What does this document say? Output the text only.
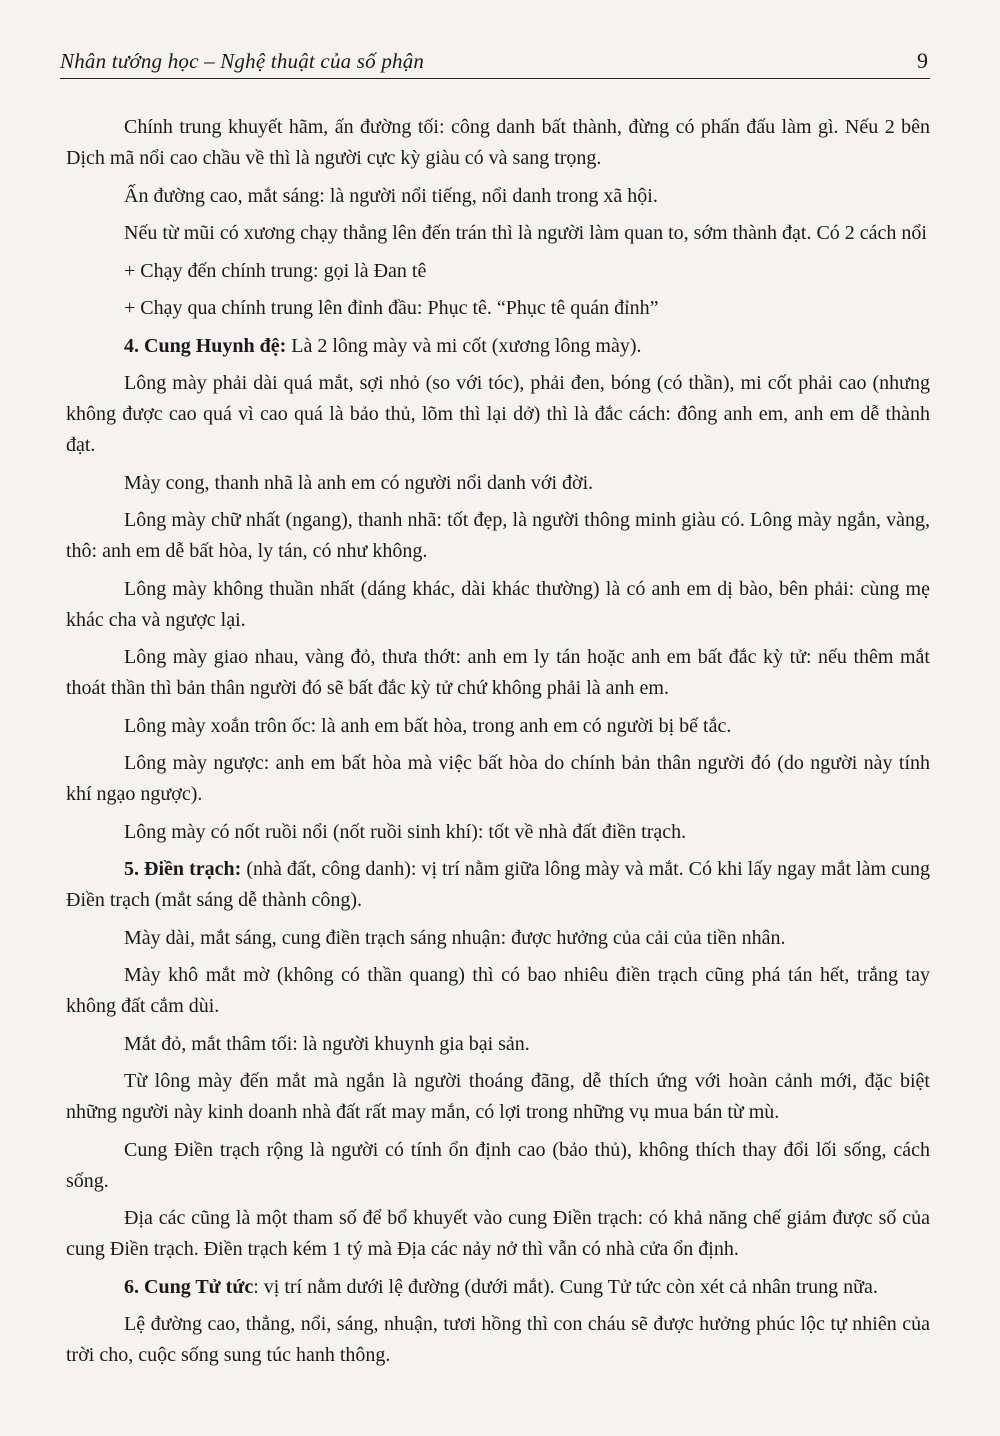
Nhân tướng học – Nghệ thuật của số phận	9

Chính trung khuyết hãm, ấn đường tối: công danh bất thành, đừng có phấn đấu làm gì. Nếu 2 bên Dịch mã nổi cao chầu về thì là người cực kỳ giàu có và sang trọng.

Ấn đường cao, mắt sáng: là người nổi tiếng, nổi danh trong xã hội.

Nếu từ mũi có xương chạy thẳng lên đến trán thì là người làm quan to, sớm thành đạt. Có 2 cách nổi

+ Chạy đến chính trung: gọi là Đan tê

+ Chạy qua chính trung lên đỉnh đầu: Phục tê. “Phục tê quán đỉnh”

4. Cung Huynh đệ: Là 2 lông mày và mi cốt (xương lông mày).

Lông mày phải dài quá mắt, sợi nhỏ (so với tóc), phải đen, bóng (có thần), mi cốt phải cao (nhưng không được cao quá vì cao quá là bảo thủ, lõm thì lại dở) thì là đắc cách: đông anh em, anh em dễ thành đạt.

Mày cong, thanh nhã là anh em có người nổi danh với đời.

Lông mày chữ nhất (ngang), thanh nhã: tốt đẹp, là người thông minh giàu có. Lông mày ngắn, vàng, thô: anh em dễ bất hòa, ly tán, có như không.

Lông mày không thuần nhất (dáng khác, dài khác thường) là có anh em dị bào, bên phải: cùng mẹ khác cha và ngược lại.

Lông mày giao nhau, vàng đỏ, thưa thớt: anh em ly tán hoặc anh em bất đắc kỳ tử: nếu thêm mắt thoát thần thì bản thân người đó sẽ bất đắc kỳ tử chứ không phải là anh em.

Lông mày xoắn trôn ốc: là anh em bất hòa, trong anh em có người bị bế tắc.

Lông mày ngược: anh em bất hòa mà việc bất hòa do chính bản thân người đó (do người này tính khí ngạo ngược).

Lông mày có nốt ruồi nổi (nốt ruồi sinh khí): tốt về nhà đất điền trạch.

5. Điền trạch: (nhà đất, công danh): vị trí nằm giữa lông mày và mắt. Có khi lấy ngay mắt làm cung Điền trạch (mắt sáng dễ thành công).

Mày dài, mắt sáng, cung điền trạch sáng nhuận: được hưởng của cải của tiền nhân.

Mày khô mắt mờ (không có thần quang) thì có bao nhiêu điền trạch cũng phá tán hết, trắng tay không đất cắm dùi.

Mắt đỏ, mắt thâm tối: là người khuynh gia bại sản.

Từ lông mày đến mắt mà ngắn là người thoáng đãng, dễ thích ứng với hoàn cảnh mới, đặc biệt những người này kinh doanh nhà đất rất may mắn, có lợi trong những vụ mua bán từ mù.

Cung Điền trạch rộng là người có tính ổn định cao (bảo thủ), không thích thay đổi lối sống, cách sống.

Địa các cũng là một tham số để bổ khuyết vào cung Điền trạch: có khả năng chế giảm được số của cung Điền trạch. Điền trạch kém 1 tý mà Địa các nảy nở thì vẫn có nhà cửa ổn định.

6. Cung Tử tức: vị trí nằm dưới lệ đường (dưới mắt). Cung Tử tức còn xét cả nhân trung nữa.

Lệ đường cao, thẳng, nổi, sáng, nhuận, tươi hồng thì con cháu sẽ được hưởng phúc lộc tự nhiên của trời cho, cuộc sống sung túc hanh thông.
